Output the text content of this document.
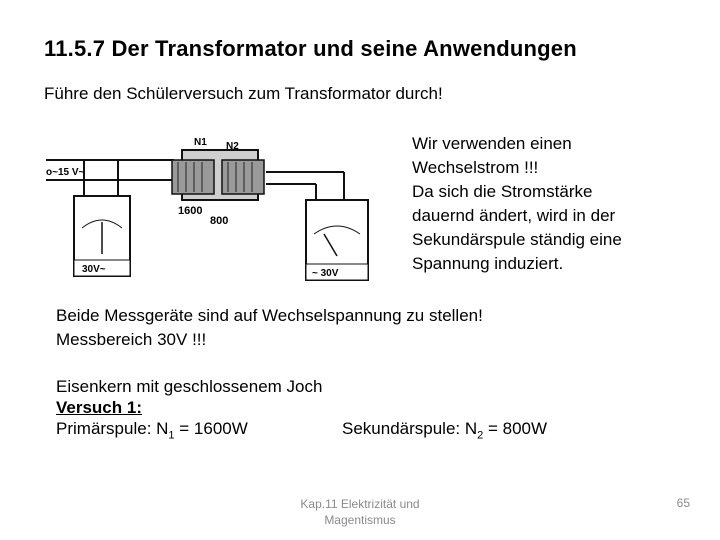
11.5.7 Der Transformator und seine Anwendungen
Führe den Schülerversuch zum Transformator durch!
o~15 V~
N1 N2
1600
800
30V~	~ 30V
Wir verwenden einen
Wechselstrom !!!
Da sich die Stromstärke
dauernd ändert, wird in der
Sekundärspule ständig eine
Spannung induziert.
Beide Messgeräte sind auf Wechselspannung zu stellen!
Messbereich 30V !!!
Eisenkern mit geschlossenem Joch
Versuch 1:
Primärspule: $N_1 = 1600W$	Sekundärspule: $N_2 = 800W$
Kap.11 Elektrizität und
Magentismus
65
